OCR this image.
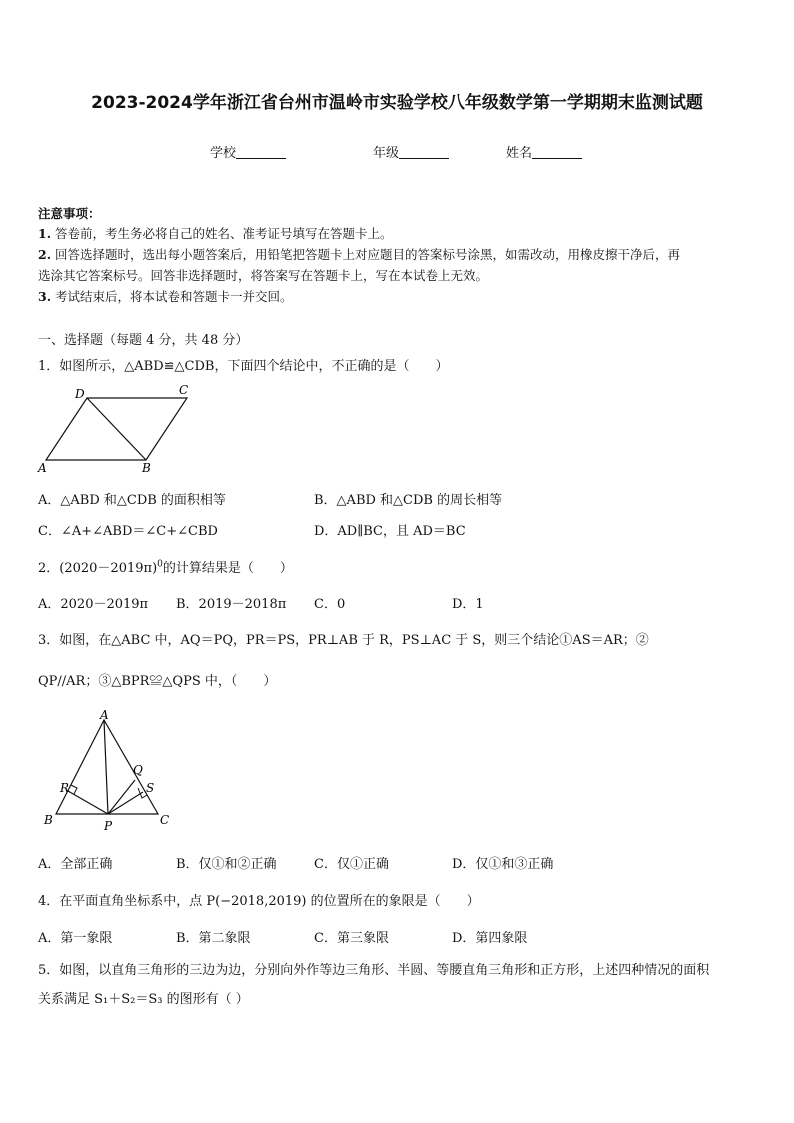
2023-2024学年浙江省台州市温岭市实验学校八年级数学第一学期期末监测试题
学校	年级	姓名
注意事项：
1. 答卷前，考生务必将自己的姓名、准考证号填写在答题卡上。
2. 回答选择题时，选出每小题答案后，用铅笔把答题卡上对应题目的答案标号涂黑，如需改动，用橡皮擦干净后，再
选涂其它答案标号。回答非选择题时，将答案写在答题卡上，写在本试卷上无效。
3. 考试结束后，将本试卷和答题卡一并交回。
一、选择题（每题 4 分，共 48 分）
1．如图所示，△ABD≌△CDB，下面四个结论中，不正确的是（　　）
A	B
C
D
A．△ABD 和△CDB 的面积相等	B．△ABD 和△CDB 的周长相等
C．∠A+∠ABD＝∠C+∠CBD	D．AD∥BC，且 AD＝BC
2．$(2020-2019\pi)^0$的计算结果是（　　）
A．2020－2019π B．2019－2018π C．0	D．1
3．如图，在△ABC 中，AQ＝PQ，PR＝PS，PR⊥AB 于 R，PS⊥AC 于 S，则三个结论①AS＝AR；②
QP//AR；③△BPR≌△QPS 中，（　　）
A
B	C
P
Q
R	S
A．全部正确	B．仅①和②正确	C．仅①正确	D．仅①和③正确
4．在平面直角坐标系中，点 P(−2018,2019) 的位置所在的象限是（　　）
A．第一象限	B．第二象限	C．第三象限	D．第四象限
5．如图，以直角三角形的三边为边，分别向外作等边三角形、半圆、等腰直角三角形和正方形，上述四种情况的面积
关系满足 S₁＋S₂＝S₃ 的图形有（ ）
